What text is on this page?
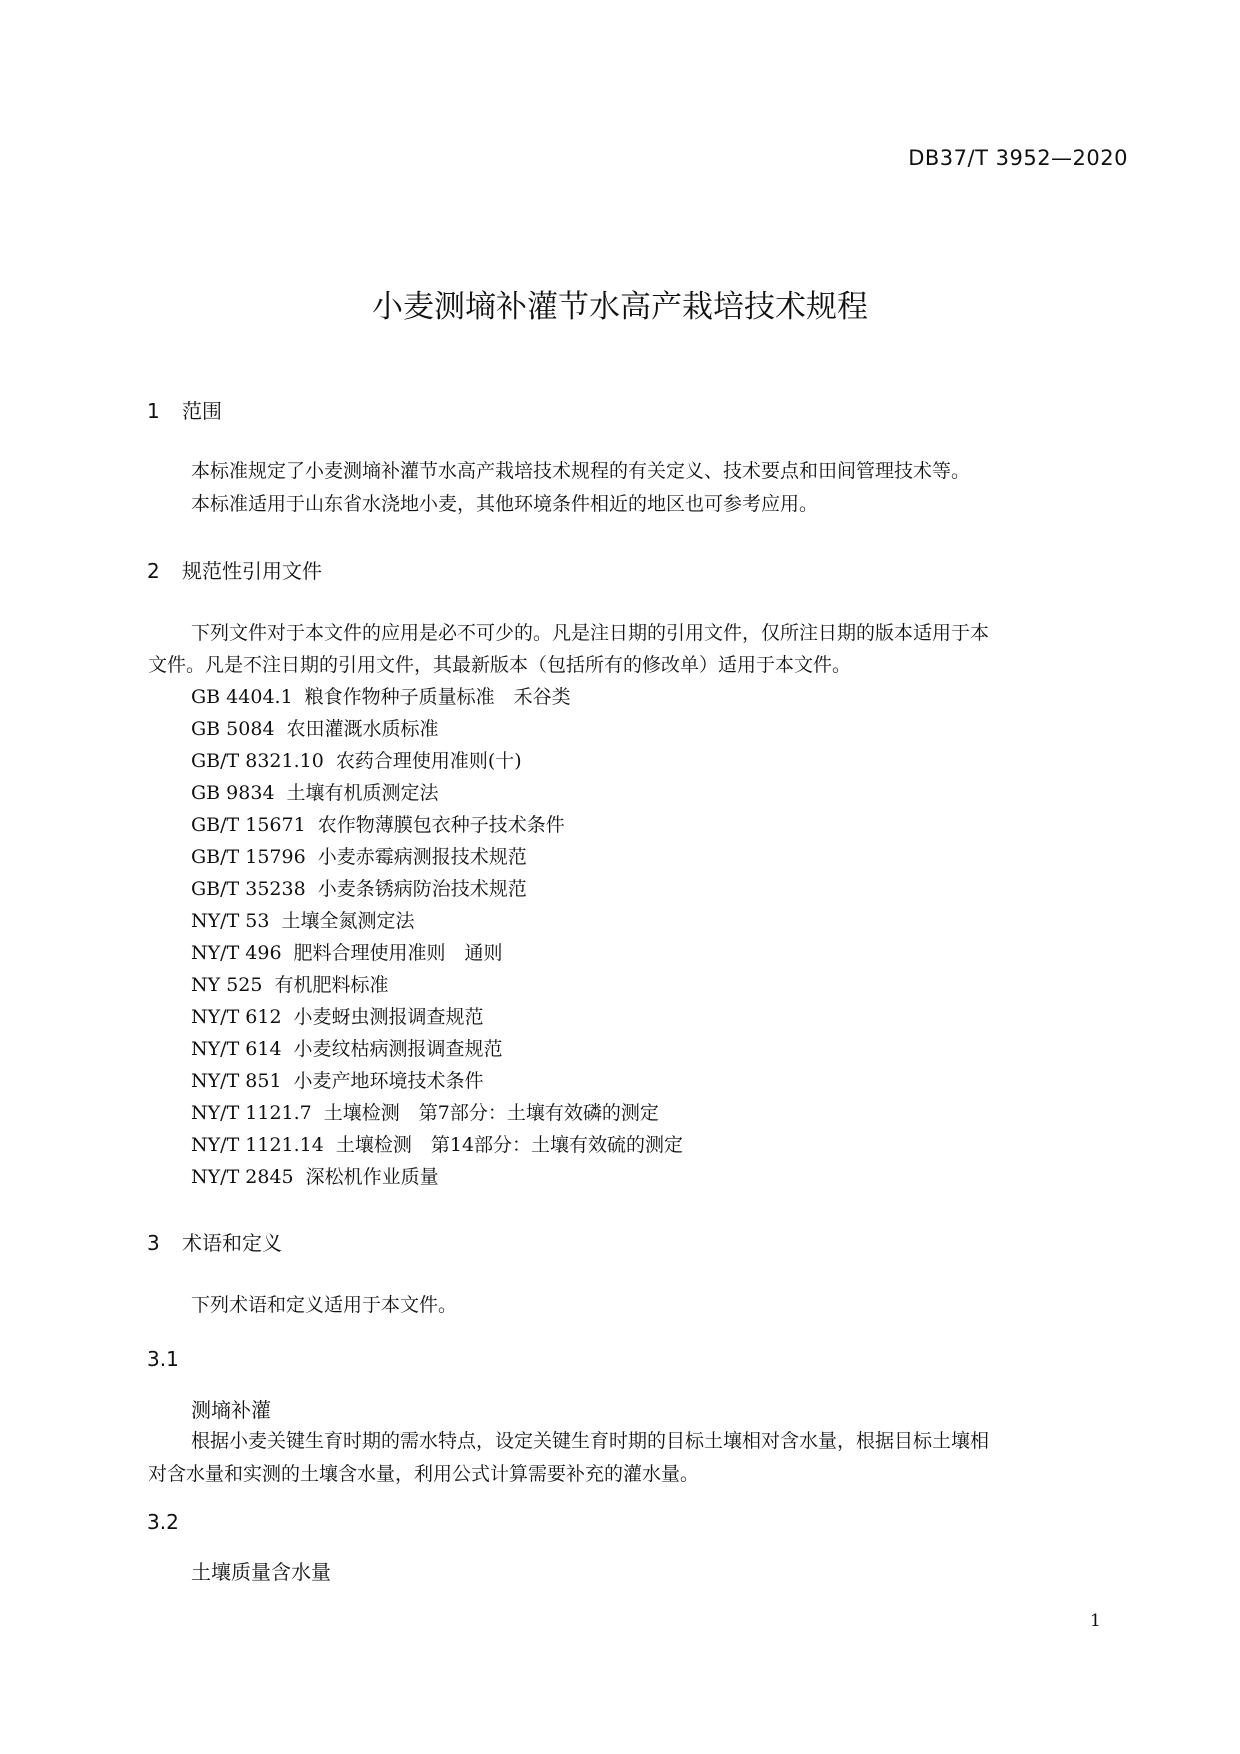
DB37/T 3952—2020
小麦测墒补灌节水高产栽培技术规程
1 范围
本标准规定了小麦测墒补灌节水高产栽培技术规程的有关定义、技术要点和田间管理技术等。
本标准适用于山东省水浇地小麦，其他环境条件相近的地区也可参考应用。
2 规范性引用文件
下列文件对于本文件的应用是必不可少的。凡是注日期的引用文件，仅所注日期的版本适用于本
文件。凡是不注日期的引用文件，其最新版本（包括所有的修改单）适用于本文件。
GB 4404.1 粮食作物种子质量标准　禾谷类
GB 5084 农田灌溉水质标准
GB/T 8321.10 农药合理使用准则(十)
GB 9834 土壤有机质测定法
GB/T 15671 农作物薄膜包衣种子技术条件
GB/T 15796 小麦赤霉病测报技术规范
GB/T 35238 小麦条锈病防治技术规范
NY/T 53 土壤全氮测定法
NY/T 496 肥料合理使用准则　通则
NY 525 有机肥料标准
NY/T 612 小麦蚜虫测报调查规范
NY/T 614 小麦纹枯病测报调查规范
NY/T 851 小麦产地环境技术条件
NY/T 1121.7 土壤检测　第7部分：土壤有效磷的测定
NY/T 1121.14 土壤检测　第14部分：土壤有效硫的测定
NY/T 2845 深松机作业质量
3 术语和定义
下列术语和定义适用于本文件。
3.1
测墒补灌
根据小麦关键生育时期的需水特点，设定关键生育时期的目标土壤相对含水量，根据目标土壤相
对含水量和实测的土壤含水量，利用公式计算需要补充的灌水量。
3.2
土壤质量含水量
1
